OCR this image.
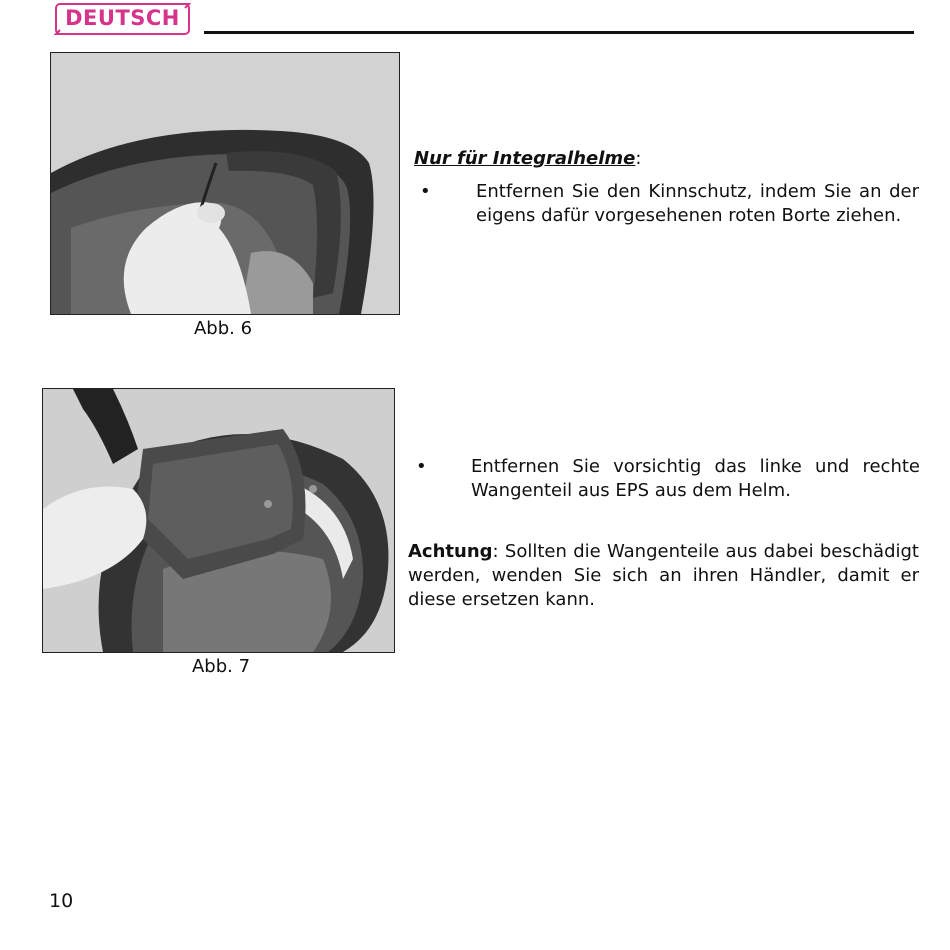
DEUTSCH
Abb. 6
Abb. 7
Nur für Integralhelme:
•	Entfernen Sie den Kinnschutz, indem Sie an der eigens dafür vorgesehenen roten Borte ziehen.
• Entfernen Sie vorsichtig das linke und rechte Wangenteil aus EPS aus dem Helm.
Achtung: Sollten die Wangenteile aus dabei beschädigt werden, wenden Sie sich an ihren Händler, damit er diese ersetzen kann.
10
